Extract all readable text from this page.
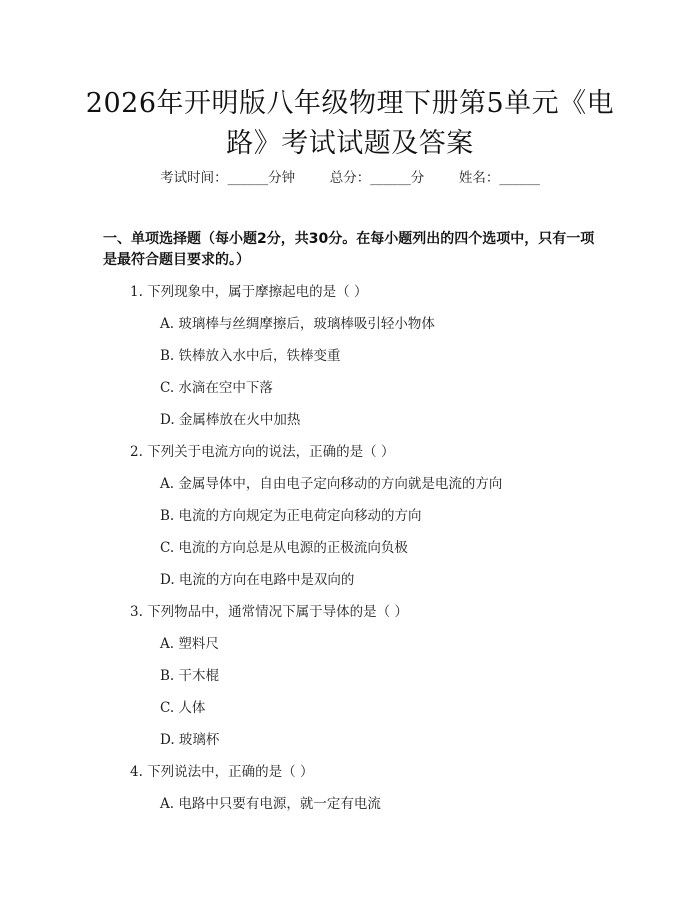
2026年开明版八年级物理下册第5单元《电路》考试试题及答案
考试时间：______分钟	总分：______分	姓名：______
一、单项选择题（每小题2分，共30分。在每小题列出的四个选项中，只有一项是最符合题目要求的。）
1. 下列现象中，属于摩擦起电的是（ ）
A. 玻璃棒与丝绸摩擦后，玻璃棒吸引轻小物体
B. 铁棒放入水中后，铁棒变重
C. 水滴在空中下落
D. 金属棒放在火中加热
2. 下列关于电流方向的说法，正确的是（ ）
A. 金属导体中，自由电子定向移动的方向就是电流的方向
B. 电流的方向规定为正电荷定向移动的方向
C. 电流的方向总是从电源的正极流向负极
D. 电流的方向在电路中是双向的
3. 下列物品中，通常情况下属于导体的是（ ）
A. 塑料尺
B. 干木棍
C. 人体
D. 玻璃杯
4. 下列说法中，正确的是（ ）
A. 电路中只要有电源，就一定有电流
